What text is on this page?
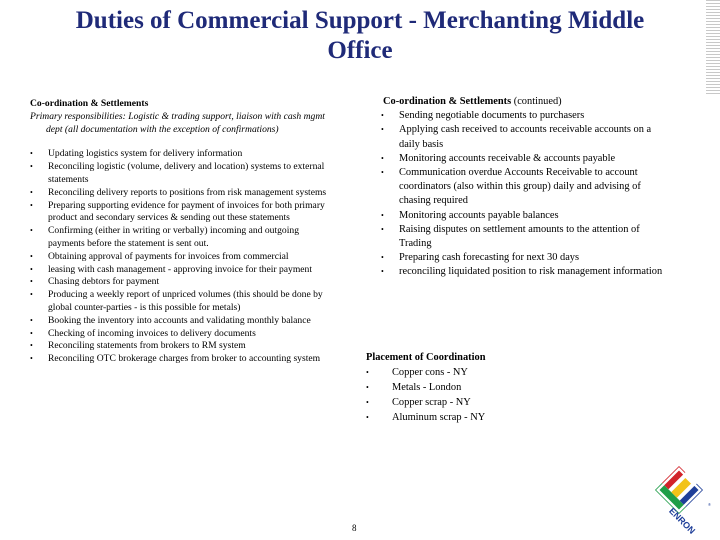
Duties of Commercial Support - Merchanting Middle
Office
Co-ordination & Settlements
Primary responsibilities: Logistic & trading support, liaison with cash mgmt dept (all documentation with the exception of confirmations)
• Updating logistics system for delivery information
• Reconciling logistic (volume, delivery and location) systems to external statements
• Reconciling delivery reports to positions from risk management systems
• Preparing supporting evidence for payment of invoices for both primary product and secondary services & sending out these statements
• Confirming (either in writing or verbally) incoming and outgoing payments before the statement is sent out.
• Obtaining approval of payments for invoices from commercial
• leasing with cash management - approving invoice for their payment
• Chasing debtors for payment
• Producing a weekly report of unpriced volumes (this should be done by global counter-parties - is this possible for metals)
• Booking the inventory into accounts and validating monthly balance
• Checking of incoming invoices to delivery documents
• Reconciling statements from brokers to RM system
• Reconciling OTC brokerage charges from broker to accounting system
Co-ordination & Settlements (continued)
• Sending negotiable documents to purchasers
• Applying cash received to accounts receivable accounts on a daily basis
• Monitoring accounts receivable & accounts payable
• Communication overdue Accounts Receivable to account coordinators (also within this group) daily and advising of chasing required
• Monitoring accounts payable balances
• Raising disputes on settlement amounts to the attention of Trading
• Preparing cash forecasting for next 30 days
• reconciling liquidated position to risk management information
Placement of Coordination
• Copper cons - NY
• Metals - London
• Copper scrap - NY
• Aluminum scrap - NY
8	ENRON
®
